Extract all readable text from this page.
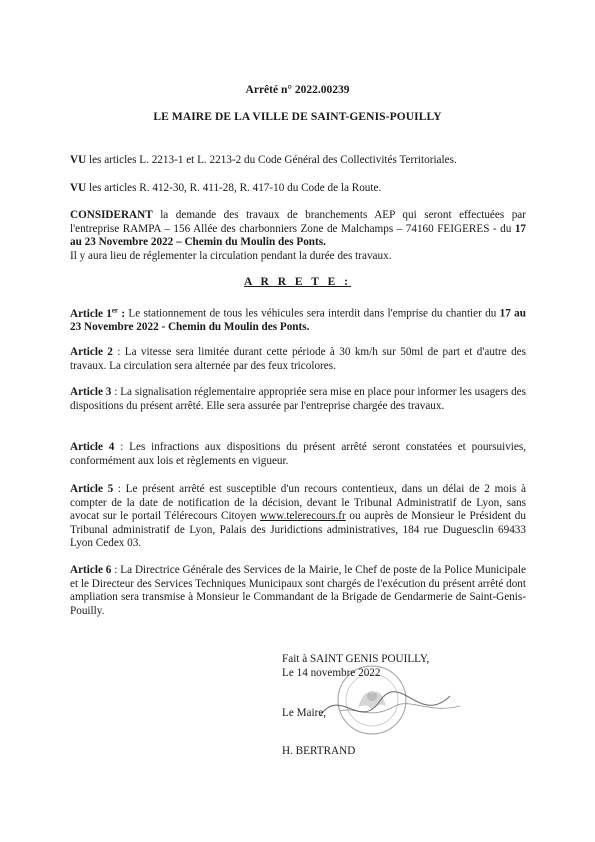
Arrêté n° 2022.00239
LE MAIRE DE LA VILLE DE SAINT-GENIS-POUILLY
VU les articles L. 2213-1 et L. 2213-2 du Code Général des Collectivités Territoriales.
VU les articles R. 412-30, R. 411-28, R. 417-10 du Code de la Route.
CONSIDERANT la demande des travaux de branchements AEP qui seront effectuées par l'entreprise RAMPA – 156 Allée des charbonniers Zone de Malchamps – 74160 FEIGERES - du 17 au 23 Novembre 2022 – Chemin du Moulin des Ponts.
Il y aura lieu de réglementer la circulation pendant la durée des travaux.
A R R E T E :
Article 1er : Le stationnement de tous les véhicules sera interdit dans l'emprise du chantier du 17 au 23 Novembre 2022 - Chemin du Moulin des Ponts.
Article 2 : La vitesse sera limitée durant cette période à 30 km/h sur 50ml de part et d'autre des travaux. La circulation sera alternée par des feux tricolores.
Article 3 : La signalisation réglementaire appropriée sera mise en place pour informer les usagers des dispositions du présent arrêté. Elle sera assurée par l'entreprise chargée des travaux.
Article 4 : Les infractions aux dispositions du présent arrêté seront constatées et poursuivies, conformément aux lois et règlements en vigueur.
Article 5 : Le présent arrêté est susceptible d'un recours contentieux, dans un délai de 2 mois à compter de la date de notification de la décision, devant le Tribunal Administratif de Lyon, sans avocat sur le portail Télérecours Citoyen www.telerecours.fr ou auprès de Monsieur le Président du Tribunal administratif de Lyon, Palais des Juridictions administratives, 184 rue Duguesclin 69433 Lyon Cedex 03.
Article 6 : La Directrice Générale des Services de la Mairie, le Chef de poste de la Police Municipale et le Directeur des Services Techniques Municipaux sont chargés de l'exécution du présent arrêté dont ampliation sera transmise à Monsieur le Commandant de la Brigade de Gendarmerie de Saint-Genis-Pouilly.
Fait à SAINT GENIS POUILLY,
Le 14 novembre 2022
Le Maire,
H. BERTRAND
